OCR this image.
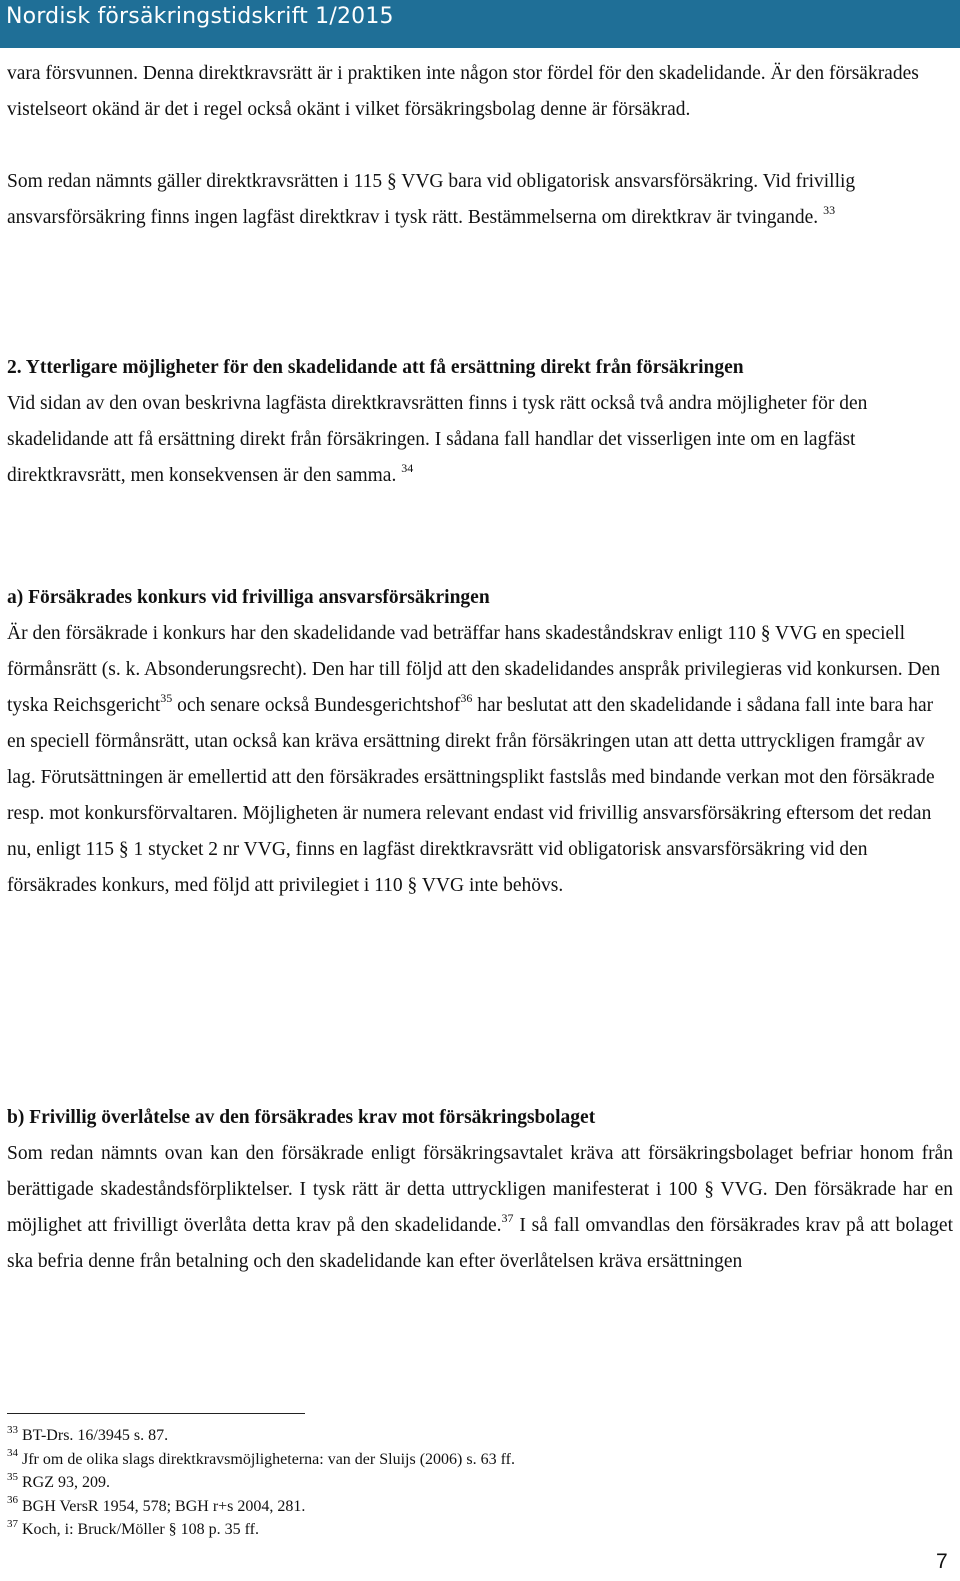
Nordisk försäkringstidskrift 1/2015

vara försvunnen. Denna direktkravsrätt är i praktiken inte någon stor fördel för den skadelidande. Är den försäkrades vistelseort okänd är det i regel också okänt i vilket försäkringsbolag denne är försäkrad.

Som redan nämnts gäller direktkravsrätten i 115 § VVG bara vid obligatorisk ansvarsförsäkring. Vid frivillig ansvarsförsäkring finns ingen lagfäst direktkrav i tysk rätt. Bestämmelserna om direktkrav är tvingande. $^{33}$

2. Ytterligare möjligheter för den skadelidande att få ersättning direkt från försäkringen

Vid sidan av den ovan beskrivna lagfästa direktkravsrätten finns i tysk rätt också två andra möjligheter för den skadelidande att få ersättning direkt från försäkringen. I sådana fall handlar det visserligen inte om en lagfäst direktkravsrätt, men konsekvensen är den samma. $^{34}$

a) Försäkrades konkurs vid frivilliga ansvarsförsäkringen

Är den försäkrade i konkurs har den skadelidande vad beträffar hans skadeståndskrav enligt 110 § VVG en speciell förmånsrätt (s. k. Absonderungsrecht). Den har till följd att den skadelidandes anspråk privilegieras vid konkursen. Den tyska Reichsgericht$^{35}$ och senare också Bundesgerichtshof$^{36}$ har beslutat att den skadelidande i sådana fall inte bara har en speciell förmånsrätt, utan också kan kräva ersättning direkt från försäkringen utan att detta uttryckligen framgår av lag. Förutsättningen är emellertid att den försäkrades ersättningsplikt fastslås med bindande verkan mot den försäkrade resp. mot konkursförvaltaren. Möjligheten är numera relevant endast vid frivillig ansvarsförsäkring eftersom det redan nu, enligt 115 § 1 stycket 2 nr VVG, finns en lagfäst direktkravsrätt vid obligatorisk ansvarsförsäkring vid den försäkrades konkurs, med följd att privilegiet i 110 § VVG inte behövs.

b) Frivillig överlåtelse av den försäkrades krav mot försäkringsbolaget

Som redan nämnts ovan kan den försäkrade enligt försäkringsavtalet kräva att försäkringsbolaget befriar honom från berättigade skadeståndsförpliktelser. I tysk rätt är detta uttryckligen manifesterat i 100 § VVG. Den försäkrade har en möjlighet att frivilligt överlåta detta krav på den skadelidande.$^{37}$ I så fall omvandlas den försäkrades krav på att bolaget ska befria denne från betalning och den skadelidande kan efter överlåtelsen kräva ersättningen

$^{33}$ BT-Drs. 16/3945 s. 87.
$^{34}$ Jfr om de olika slags direktkravsmöjligheterna: van der Sluijs (2006) s. 63 ff.
$^{35}$ RGZ 93, 209.
$^{36}$ BGH VersR 1954, 578; BGH r+s 2004, 281.
$^{37}$ Koch, i: Bruck/Möller § 108 p. 35 ff.
7
